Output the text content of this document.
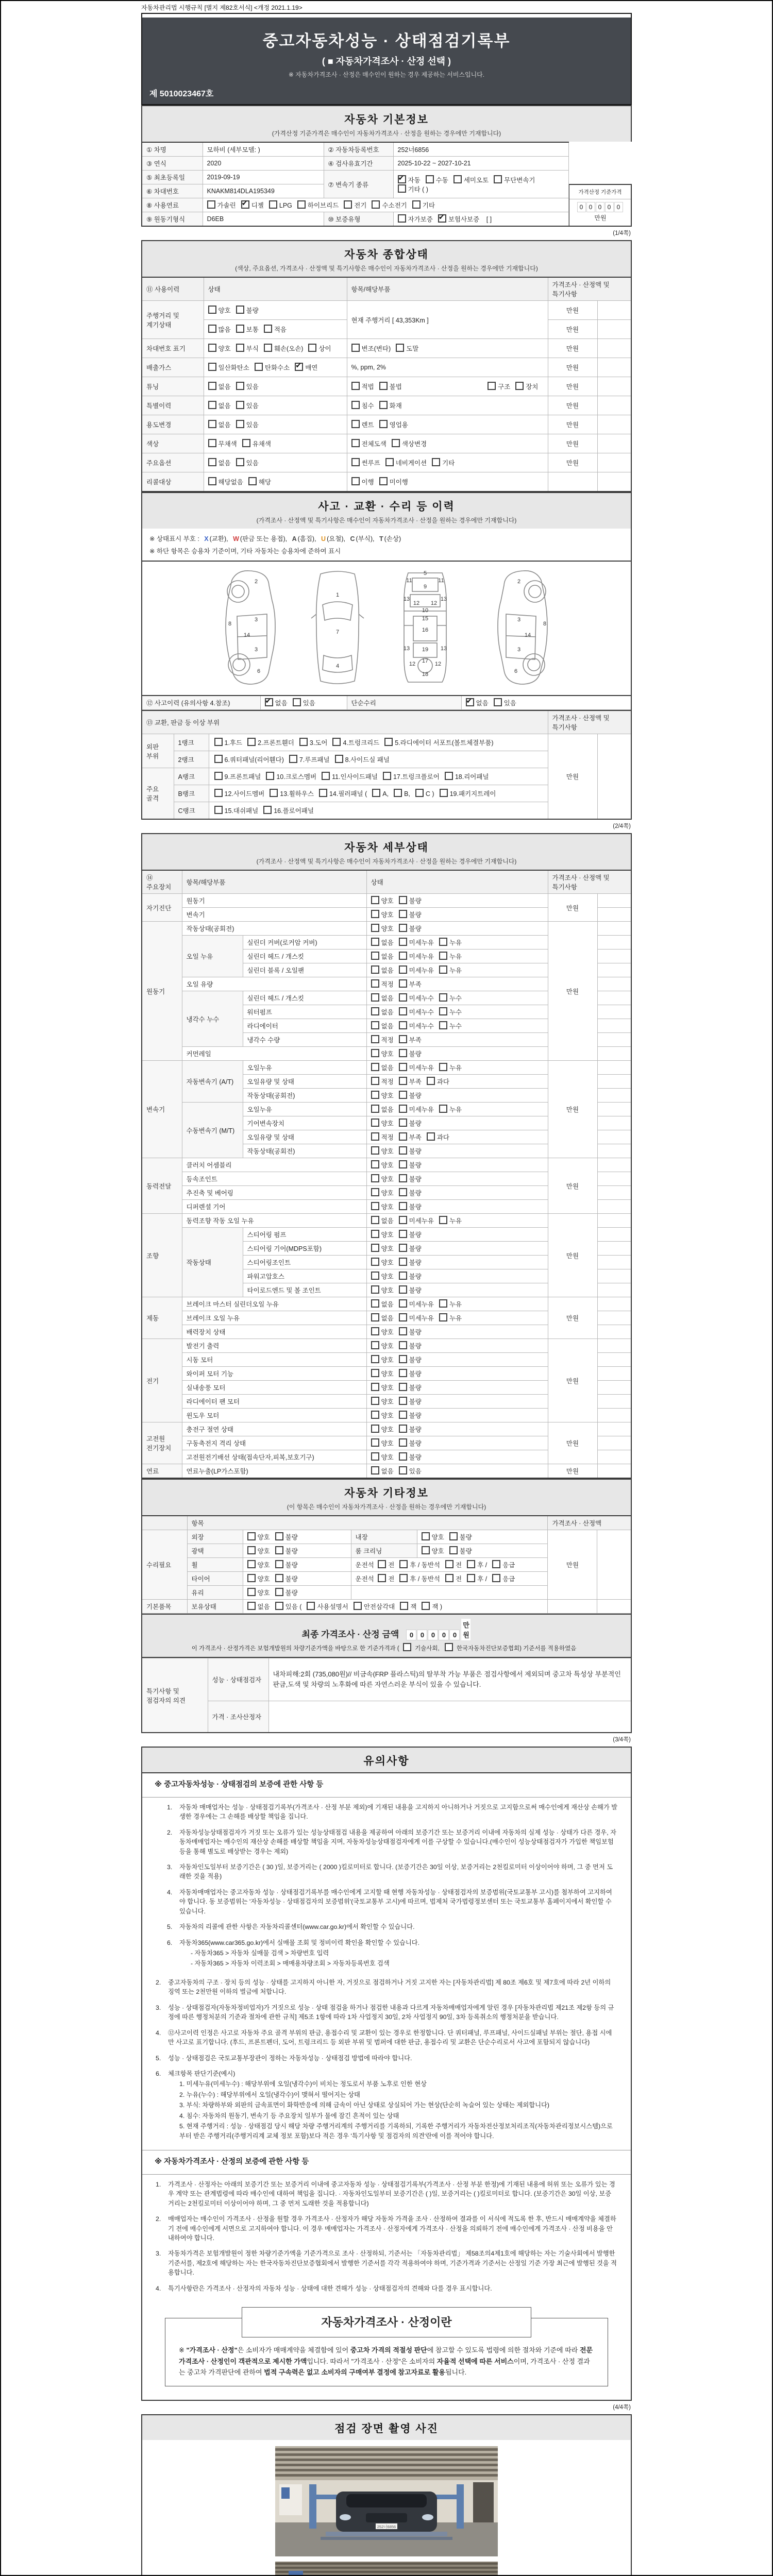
자동차관리법 시행규칙 [별지 제82호서식] <개정 2021.1.19>
중고자동차성능 · 상태점검기록부
( ■ 자동차가격조사 · 산정 선택 )
※ 자동차가격조사 · 산정은 매수인이 원하는 경우 제공하는 서비스입니다.
제 5010023467호
자동차 기본정보

(가격산정 기준가격은 매수인이 자동차가격조사 · 산정을 원하는 경우에만 기재합니다)

① 차명	모하비 (세부모델: )	② 자동차등록번호	252너6856
③ 연식	2020	④ 검사유효기간	2025-10-22 ~ 2027-10-21
⑤ 최초등록일	2019-09-19	⑦ 변속기 종류	✔자동 수동 세미오토 무단변속기기타 ( )
⑥ 차대번호	KNAKM814DLA195349		
⑧ 사용연료	가솔린 ✔ 디젤 LPG 하이브리드 전기 수소전기 기타
⑨ 원동기형식	D6EB	⑩ 보증유형	자가보증 ✔ 보험사보증 [ ]
가격산정 기준가격
0 0 0 0 0만원
(1/4쪽)
자동차 종합상태

(색상, 주요옵션, 가격조사 · 산정액 및 특기사항은 매수인이 자동차가격조사 · 산정을 원하는 경우에만 기재합니다)

⑪ 사용이력	상태	항목/해당부품	가격조사 · 산정액 및 특기사항	
주행거리 및 계기상태	양호 불량	현재 주행거리 [ 43,353Km ]	만원	
	많음 보통 적음		만원	
차대번호 표기	양호 부식 훼손(오손) 상이	변조(변타) 도말	만원	
배출가스	일산화탄소 탄화수소 ✔ 매연	%, ppm, 2%	만원	
튜닝	없음 있음	적법 불법 구조 장치	만원	
특별이력	없음 있음	침수 화재	만원	
용도변경	없음 있음	렌트 영업용	만원	
색상	무채색 유채색	전체도색 색상변경	만원	
주요옵션	없음 있음	썬루프 네비게이션 기타	만원	
리콜대상	해당없음 해당	이행 미이행		
사고 · 교환 · 수리 등 이력

(가격조사 · 산정액 및 특기사항은 매수인이 자동차가격조사 · 산정을 원하는 경우에만 기재합니다)

※ 상태표시 부호 : X (교환), W (판금 또는 용접), A (흠집), U (요철), C (부식), T (손상)

※ 하단 항목은 승용차 기준이며, 기타 자동차는 승용차에 준하여 표시

2
8
3
14
3
6
1
7
4
5
11	11
9
13	13
12 12
10
15
16
13	13
19
12	12
17
18
2
3
8
14
3
6
⑫ 사고이력 (유의사항 4.참조)	✔없음 있음	단순수리	✔없음 있음
⑬ 교환, 판금 등 이상 부위			가격조사 · 산정액 및 특기사항	
외판 부위	1랭크	1.후드 2.프론트휀더 3.도어 4.트렁크리드 5.라디에이터 서포트(볼트체결부품)	만원	
	2랭크	6.쿼터패널(리어휀다) 7.루프패널 8.사이드실 패널		
주요 골격	A랭크	9.프론트패널 10.크로스멤버 11.인사이드패널 17.트렁크플로어 18.리어패널		
	B랭크	12.사이드멤버 13.휠하우스 14.필러패널 ( A, B, C ) 19.패키지트레이		
	C랭크	15.대쉬패널 16.플로어패널		
(2/4쪽)
자동차 세부상태

(가격조사 · 산정액 및 특기사항은 매수인이 자동차가격조사 · 산정을 원하는 경우에만 기재합니다)

⑭ 주요장치	항목/해당부품		상태	가격조사 · 산정액 및 특기사항	
자기진단	원동기		양호 불량	만원	
	변속기		양호 불량		
원동기	작동상태(공회전)		양호 불량	만원	
	오일 누유	실린더 커버(로커암 커버)	없음 미세누유 누유		
		실린더 헤드 / 개스킷	없음 미세누유 누유		
		실린더 블록 / 오일팬	없음 미세누유 누유		
	오일 유량		적정 부족		
	냉각수 누수	실린더 헤드 / 개스킷	없음 미세누수 누수		
		워터펌프	없음 미세누수 누수		
		라디에이터	없음 미세누수 누수		
		냉각수 수량	적정 부족		
	커먼레일		양호 불량		
변속기	자동변속기 (A/T)	오일누유	없음 미세누유 누유	만원	
		오일유량 및 상태	적정 부족 과다		
		작동상태(공회전)	양호 불량		
	수동변속기 (M/T)	오일누유	없음 미세누유 누유		
		기어변속장치	양호 불량		
		오일유량 및 상태	적정 부족 과다		
		작동상태(공회전)	양호 불량		
동력전달	클러치 어셈블리		양호 불량	만원	
	등속조인트		양호 불량		
	추진축 및 베어링		양호 불량		
	디퍼렌셜 기어		양호 불량		
조향	동력조향 작동 오일 누유		없음 미세누유 누유	만원	
	작동상태	스티어링 펌프	양호 불량		
		스티어링 기어(MDPS포함)	양호 불량		
		스티어링조인트	양호 불량		
		파워고압호스	양호 불량		
		타이로드엔드 및 볼 조인트	양호 불량		
제동	브레이크 마스터 실린더오일 누유		없음 미세누유 누유	만원	
	브레이크 오일 누유		없음 미세누유 누유		
	배력장치 상태		양호 불량		
전기	발전기 출력		양호 불량	만원	
	시동 모터		양호 불량		
	와이퍼 모터 기능		양호 불량		
	실내송풍 모터		양호 불량		
	라디에이터 팬 모터		양호 불량		
	윈도우 모터		양호 불량		
고전원 전기장치	충전구 절연 상태		양호 불량	만원	
	구동축전지 격리 상태		양호 불량		
	고전원전기배선 상태(접속단자,피복,보호기구)		양호 불량		
연료	연료누출(LP가스포함)		없음 있음	만원	
자동차 기타정보

(이 항목은 매수인이 자동차가격조사 · 산정을 원하는 경우에만 기재합니다)

	항목				가격조사 · 산정액	
수리필요	외장	양호 불량	내장	양호 불량	만원	
	광택	양호 불량	룸 크리닝	양호 불량		
	휠	양호 불량	운전석 전 후 / 동반석 전 후 / 응급			
	타이어	양호 불량	운전석 전 후 / 동반석 전 후 / 응급			
	유리	양호 불량				
기본품목	보유상태	없음 있음 ( 사용설명서 안전삼각대 잭 잭 )				
최종 가격조사 · 산정 금액 0 0 0 0 0만원
이 가격조사 · 산정가격은 보험개발원의 차량기준가액을 바탕으로 한 기준가격과 (  기술사회,	한국자동차진단보증협회) 기준서를 적용하였음
특기사항 및 점검자의 의견	성능 · 상태점검자	내차피해:2회 (735,080원)// 비금속(FRP 플라스틱)의 탈부착 가능 부품은 점검사항에서 제외되며 중고차 특성상 부분적인 판금,도색 및 차량의 노후화에 따른 자연스러운 부식이 있을 수 있습니다.
	가격 · 조사산정자	
(3/4쪽)
유의사항
※ 중고자동차성능 · 상태점검의 보증에 관한 사항 등
1.	자동차 매매업자는 성능 · 상태점검기록부(가격조사 · 산정 부분 제외)에 기재된 내용을 고지하지 아니하거나 거짓으로 고지함으로써 매수인에게 재산상 손해가 발생한 경우에는 그 손해를 배상할 책임을 집니다.
2.	자동차성능상태점검자가 거짓 또는 오류가 있는 성능상태점검 내용을 제공하여 아래의 보증기간 또는 보증거리 이내에 자동차의 실제 성능 · 상태가 다른 경우, 자동차매매업자는 매수인의 재산상 손해를 배상할 책임을 지며, 자동차성능상태점검자에게 이를 구상할 수 있습니다.(매수인이 성능상태점검자가 가입한 책임보험 등을 통해 별도로 배상받는 경우는 제외)
3.	자동차인도일부터 보증기간은 ( 30 )일, 보증거리는 ( 2000 )킬로미터로 합니다. (보증기간은 30일 이상, 보증거리는 2천킬로미터 이상이어야 하며, 그 중 먼저 도래한 것을 적용)
4.	자동차매매업자는 중고자동차 성능 · 상태점검기록부를 매수인에게 고지할 때 현행 자동차성능 · 상태점검자의 보증범위(국토교통부 고시)를 첨부하여 고지하여야 합니다. 동 보증범위는 '자동차성능 · 상태점검자의 보증범위'(국토교통부 고시)에 따르며, 법제처 국가법령정보센터 또는 국토교통부 홈페이지에서 확인할 수 있습니다.
5.	자동차의 리콜에 관한 사항은 자동차리콜센터(www.car.go.kr)에서 확인할 수 있습니다.
6.	자동차365(www.car365.go.kr)에서 실매물 조회 및 정비이력 확인을 확인할 수 있습니다.
- 자동차365 > 자동차 실매물 검색 > 차량번호 입력
- 자동차365 > 자동차 이력조회 > 매매용차량조회 > 자동차등록번호 검색
2.	중고자동차의 구조 · 장치 등의 성능 · 상태를 고지하지 아니한 자, 거짓으로 점검하거나 거짓 고지한 자는 [자동차관리법] 제 80조 제6호 및 제7호에 따라 2년 이하의 징역 또는 2천만원 이하의 벌금에 처합니다.
3.	성능 · 상태점검자(자동차정비업자)가 거짓으로 성능 · 상태 점검을 하거나 점검한 내용과 다르게 자동차매매업자에게 알린 경우 [자동차관리법 제21조 제2항 등의 규정에 따른 행정처분의 기준과 절차에 관한 규칙] 제5조 1항에 따라 1차 사업정지 30일, 2차 사업정지 90일, 3차 등록취소의 행정처분을 받습니다.
4.	⑫사고이력 인정은 사고로 자동차 주요 골격 부위의 판금, 용접수리 및 교환이 있는 경우로 한정합니다. 단 쿼터패널, 루프패널, 사이드실패널 부위는 절단, 용접 시에만 사고로 표기합니다. (후드, 프론트펜더, 도어, 트렁크리드 등 외판 부위 및 범퍼에 대한 판금, 용접수리 및 교환은 단순수리로서 사고에 포함되지 않습니다)
5.	성능 · 상태점검은 국토교통부장관이 정하는 자동차성능 · 상태점검 방법에 따라야 합니다.
6.	체크항목 판단기준(예시)
1. 미세누유(미세누수) : 해당부위에 오일(냉각수)이 비치는 정도로서 부품 노후로 인한 현상
2. 누유(누수) : 해당부위에서 오일(냉각수)이 맺혀서 떨어지는 상태
3. 부식: 차량하부와 외판의 금속표면이 화학반응에 의해 금속이 아닌 상태로 상실되어 가는 현상(단순히 녹슬어 있는 상태는 제외합니다)
4. 침수: 자동차의 원동기, 변속기 등 주요장치 일부가 물에 잠긴 흔적이 있는 상태
5. 현재 주행거리 : 성능 · 상태점검 당시 해당 차량 주행거리계의 주행거리를 기록하되, 기록한 주행거리가 자동차전산정보처리조직(자동차관리정보시스템)으로부터 받은 주행거리(주행거리계 교체 정보 포함)보다 적은 경우 '특기사항 및 점검자의 의견'란에 이를 적어야 합니다.
※ 자동차가격조사 · 산정의 보증에 관한 사항 등
1.	가격조사 · 산정자는 아래의 보증기간 또는 보증거리 이내에 중고자동차 성능 · 상태점검기록부(가격조사 · 산정 부분 한정)에 기재된 내용에 허위 또는 오류가 있는 경우 계약 또는 관계법령에 따라 매수인에 대하여 책임을 집니다. · 자동차인도일부터 보증기간은 ( )일, 보증거리는 ( )킬로미터로 합니다. (보증기간은 30일 이상, 보증거리는 2천킬로미터 이상이어야 하며, 그 중 먼저 도래한 것을 적용합니다)
2.	매매업자는 매수인이 가격조사 · 산정을 원할 경우 가격조사 · 산정자가 해당 자동차 가격을 조사 · 산정하여 결과를 이 서식에 적도록 한 후, 반드시 매매계약을 체결하기 전에 매수인에게 서면으로 고지하여야 합니다. 이 경우 매매업자는 가격조사 · 산정자에게 가격조사 · 산정을 의뢰하기 전에 매수인에게 가격조사 · 산정 비용을 안내하여야 합니다.
3.	자동차가격은 보험개발원이 정한 차량기준가액을 기준가격으로 조사 · 산정하되, 기준서는 「자동차관리법」 제58조의4제1호에 해당하는 자는 기술사회에서 발행한 기준서를, 제2호에 해당하는 자는 한국자동차진단보증협회에서 발행한 기준서를 각각 적용하여야 하며, 기준가격과 기준서는 산정일 기준 가장 최근에 발행된 것을 적용합니다.
4.	특기사항란은 가격조사 · 산정자의 자동차 성능 · 상태에 대한 견해가 성능 · 상태점검자의 견해와 다를 경우 표시합니다.
자동차가격조사 · 산정이란

※ "가격조사 · 산정"은 소비자가 매매계약을 체결함에 있어 중고차 가격의 적절성 판단에 참고할 수 있도록 법령에 의한 절차와 기준에 따라 전문 가격조사 · 산정인이 객관적으로 제시한 가액입니다. 따라서 "가격조사 · 산정"은 소비자의 자율적 선택에 따른 서비스이며, 가격조사 · 산정 결과는 중고차 가격판단에 관하여 법적 구속력은 없고 소비자의 구매여부 결정에 참고자료로 활용됩니다.

(4/4쪽)
점검 장면 촬영 사진
252너6856
